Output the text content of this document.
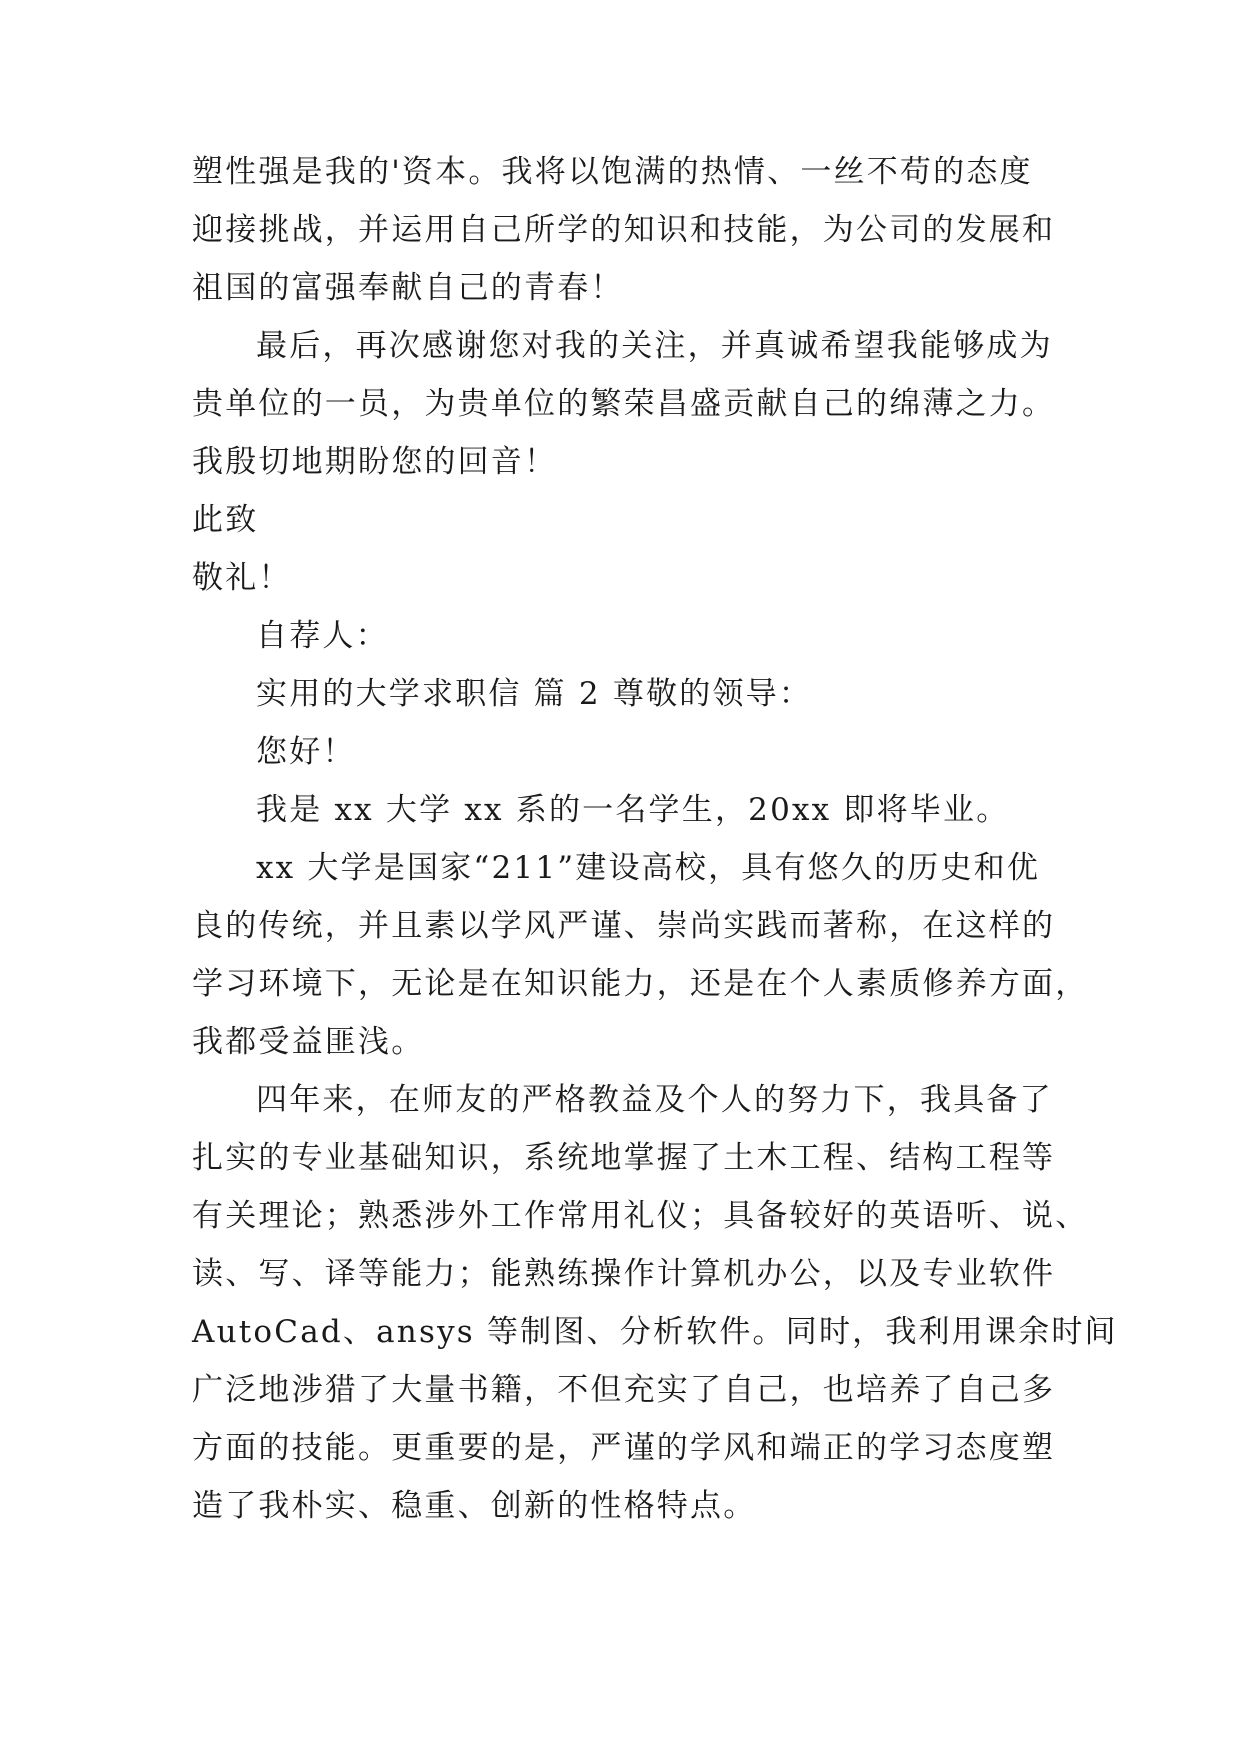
塑性强是我的'资本。我将以饱满的热情、一丝不苟的态度
迎接挑战，并运用自己所学的知识和技能，为公司的发展和
祖国的富强奉献自己的青春！
最后，再次感谢您对我的关注，并真诚希望我能够成为
贵单位的一员，为贵单位的繁荣昌盛贡献自己的绵薄之力。
我殷切地期盼您的回音！
此致
敬礼！
自荐人：
实用的大学求职信 篇 2 尊敬的领导：
您好！
我是 xx 大学 xx 系的一名学生，20xx 即将毕业。
xx 大学是国家“211”建设高校，具有悠久的历史和优
良的传统，并且素以学风严谨、崇尚实践而著称，在这样的
学习环境下，无论是在知识能力，还是在个人素质修养方面，
我都受益匪浅。
四年来，在师友的严格教益及个人的努力下，我具备了
扎实的专业基础知识，系统地掌握了土木工程、结构工程等
有关理论；熟悉涉外工作常用礼仪；具备较好的英语听、说、
读、写、译等能力；能熟练操作计算机办公，以及专业软件
AutoCad、ansys 等制图、分析软件。同时，我利用课余时间
广泛地涉猎了大量书籍，不但充实了自己，也培养了自己多
方面的技能。更重要的是，严谨的学风和端正的学习态度塑
造了我朴实、稳重、创新的性格特点。
